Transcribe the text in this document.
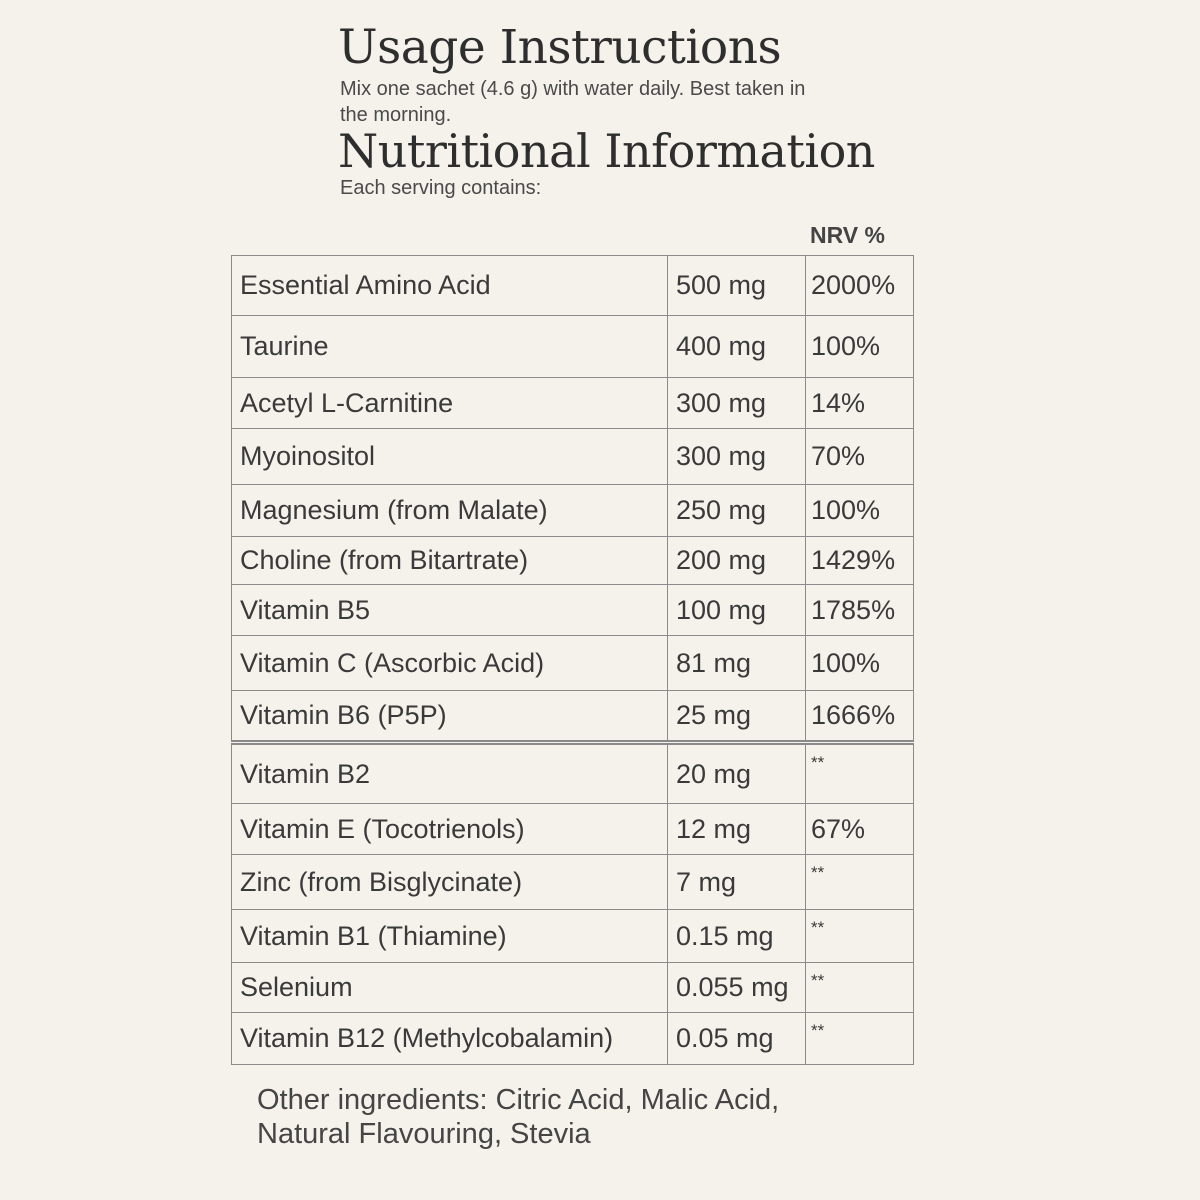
Usage Instructions
Mix one sachet (4.6 g) with water daily. Best taken in the morning.
Nutritional Information
Each serving contains:
NRV %
Essential Amino Acid	500 mg	2000%
Taurine	400 mg	100%
Acetyl L-Carnitine	300 mg	14%
Myoinositol	300 mg	70%
Magnesium (from Malate)	250 mg	100%
Choline (from Bitartrate)	200 mg	1429%
Vitamin B5	100 mg	1785%
Vitamin C (Ascorbic Acid)	81 mg	100%
Vitamin B6 (P5P)	25 mg	1666%
Vitamin B2	20 mg	**
Vitamin E (Tocotrienols)	12 mg	67%
Zinc (from Bisglycinate)	7 mg	**
Vitamin B1 (Thiamine)	0.15 mg	**
Selenium	0.055 mg	**
Vitamin B12 (Methylcobalamin)	0.05 mg	**
Other ingredients: Citric Acid, Malic Acid, Natural Flavouring, Stevia
